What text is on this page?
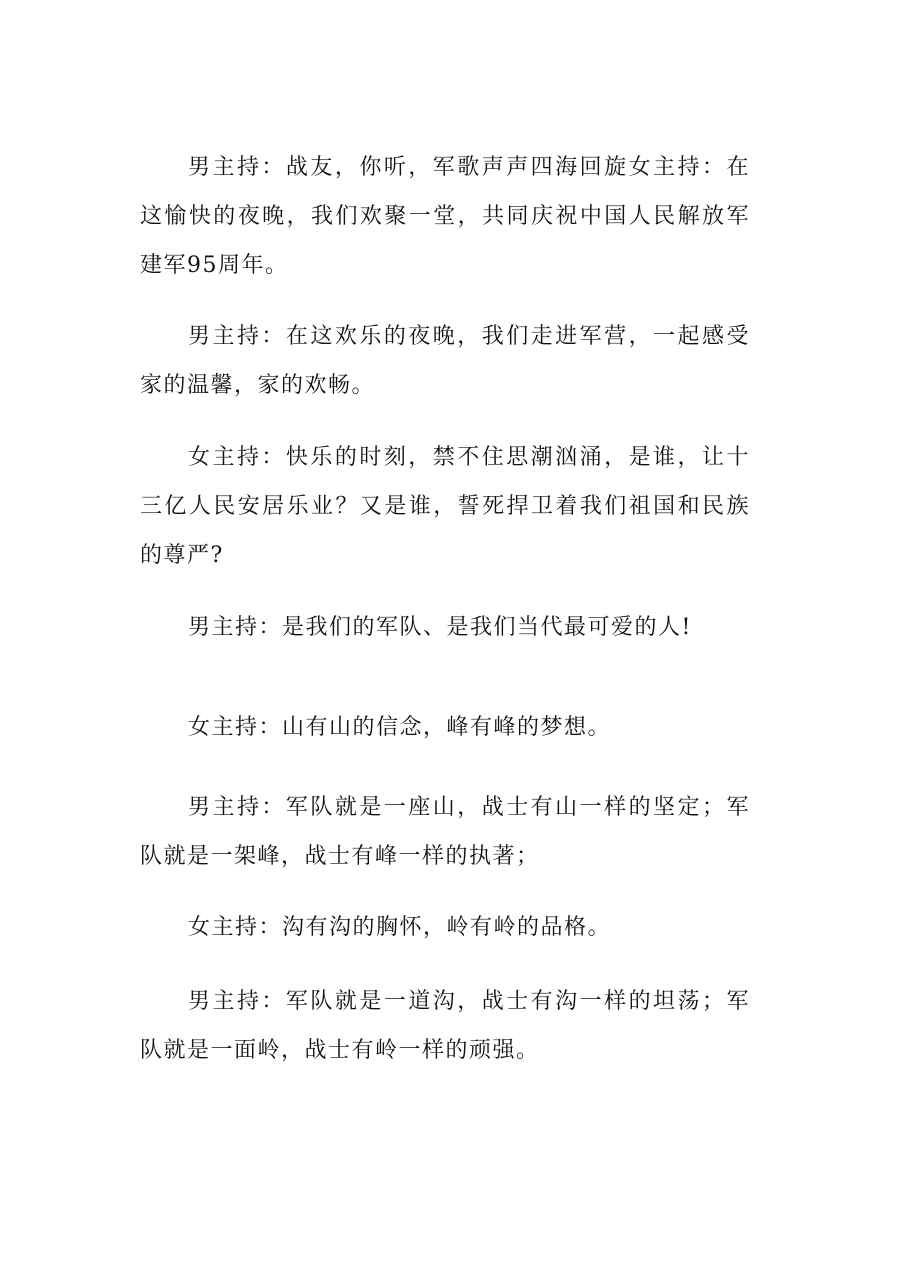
男主持：战友，你听，军歌声声四海回旋女主持：在这愉快的夜晚，我们欢聚一堂，共同庆祝中国人民解放军建军95周年。

男主持：在这欢乐的夜晚，我们走进军营，一起感受家的温馨，家的欢畅。

女主持：快乐的时刻，禁不住思潮汹涌，是谁，让十三亿人民安居乐业？又是谁，誓死捍卫着我们祖国和民族的尊严?

男主持：是我们的军队、是我们当代最可爱的人!

女主持：山有山的信念，峰有峰的梦想。

男主持：军队就是一座山，战士有山一样的坚定；军队就是一架峰，战士有峰一样的执著；

女主持：沟有沟的胸怀，岭有岭的品格。

男主持：军队就是一道沟，战士有沟一样的坦荡；军队就是一面岭，战士有岭一样的顽强。
